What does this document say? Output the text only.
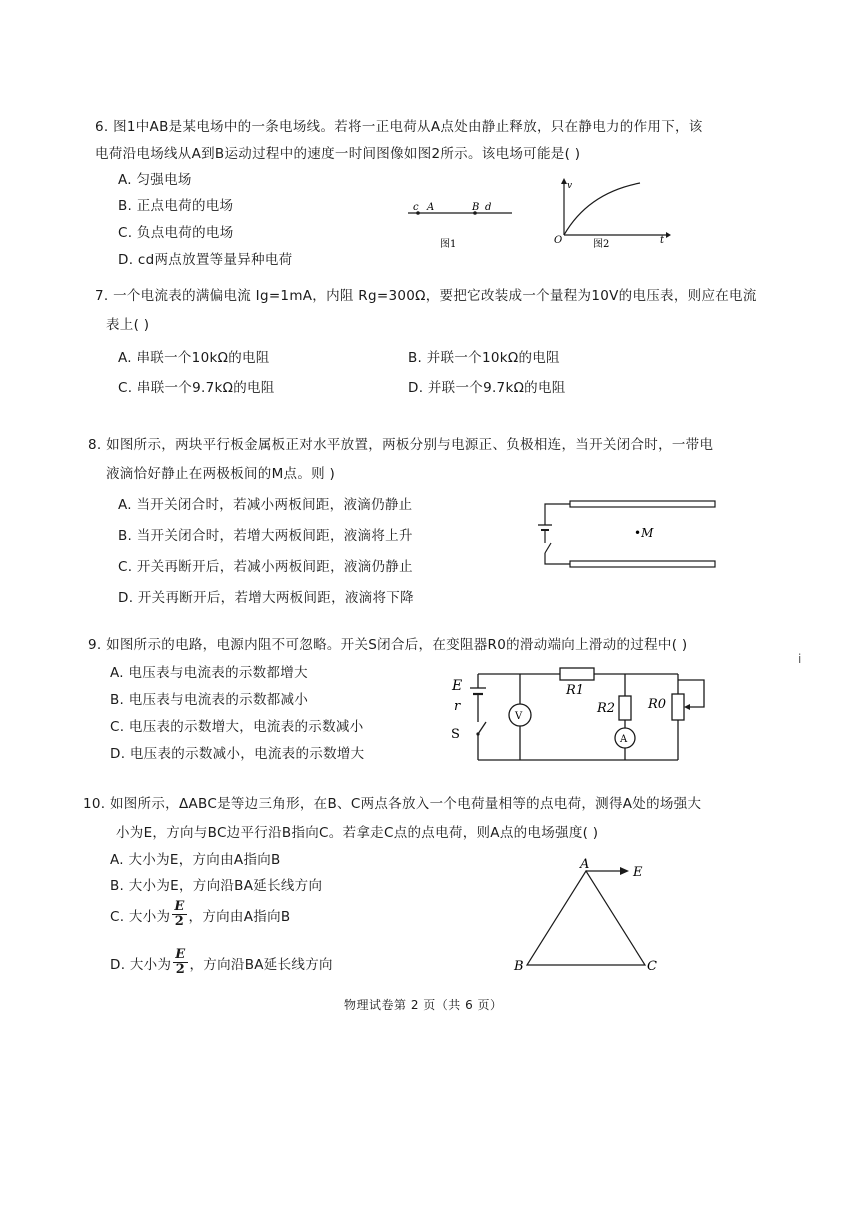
6. 图1中AB是某电场中的一条电场线。若将一正电荷从A点处由静止释放，只在静电力的作用下，该
电荷沿电场线从A到B运动过程中的速度一时间图像如图2所示。该电场可能是( )
A. 匀强电场
B. 正点电荷的电场
C. 负点电荷的电场
D. cd两点放置等量异种电荷
c A	B d
图1
v
O	t
图2
7. 一个电流表的满偏电流 Ig=1mA，内阻 Rg=300Ω，要把它改装成一个量程为10V的电压表，则应在电流
表上( )
A. 串联一个10kΩ的电阻	B. 并联一个10kΩ的电阻
C. 串联一个9.7kΩ的电阻	D. 并联一个9.7kΩ的电阻
8. 如图所示，两块平行板金属板正对水平放置，两板分别与电源正、负极相连，当开关闭合时，一带电
液滴恰好静止在两极板间的M点。则 )
A. 当开关闭合时，若减小两板间距，液滴仍静止
B. 当开关闭合时，若增大两板间距，液滴将上升
C. 开关再断开后，若减小两板间距，液滴仍静止
D. 开关再断开后，若增大两板间距，液滴将下降
•M
9. 如图所示的电路，电源内阻不可忽略。开关S闭合后，在变阻器R0的滑动端向上滑动的过程中( )
A. 电压表与电流表的示数都增大
B. 电压表与电流表的示数都减小
C. 电压表的示数增大，电流表的示数减小
D. 电压表的示数减小，电流表的示数增大
E
r
S
V
A
R1
R2	R0
10. 如图所示，ΔABC是等边三角形，在B、C两点各放入一个电荷量相等的点电荷，测得A处的场强大
小为E，方向与BC边平行沿B指向C。若拿走C点的点电荷，则A点的电场强度( )
A. 大小为E，方向由A指向B
B. 大小为E，方向沿BA延长线方向
C. 大小为 $\frac{E}{2}$ ，方向由A指向B
D. 大小为 $\frac{E}{2}$ ，方向沿BA延长线方向
A
E
B	C
物理试卷第 2 页（共 6 页）
i
